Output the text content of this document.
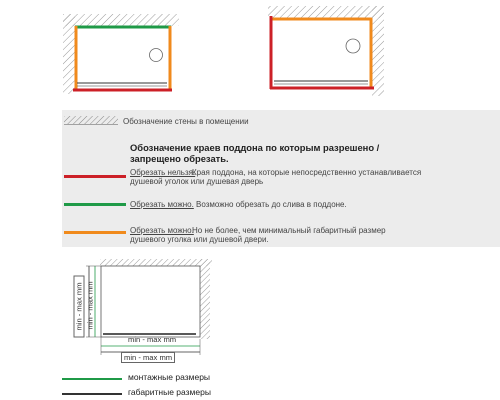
Обозначение стены в помещении
Обозначение краев поддона по которым разрешено / запрещено обрезать.
Обрезать нельзя.
Края поддона, на которые непосредственно устанавливается душевой уголок или душевая дверь
Обрезать можно. Возможно обрезать до слива в поддоне.
Обрезать можно.
Но не более, чем минимальный габаритный размер душевого уголка или душевой двери.
min - max mm min - max mm
min - max mm
min - max mm
монтажные размеры
габаритные размеры
